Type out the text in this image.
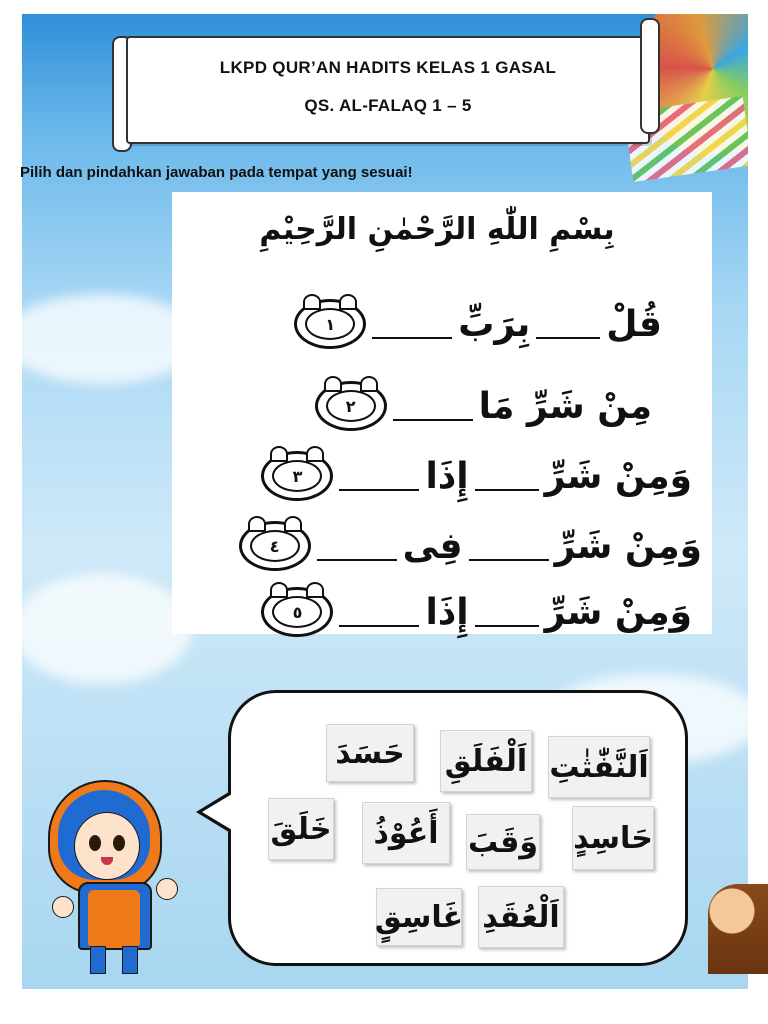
LKPD QUR’AN HADITS KELAS 1 GASAL
QS. AL-FALAQ 1 – 5
Pilih dan pindahkan jawaban pada tempat yang sesuai!
بِسْمِ اللّٰهِ الرَّحْمٰنِ الرَّحِيْمِ
قُلْ
بِرَبِّ
١
مِنْ شَرِّ مَا
٢
وَمِنْ شَرِّ
إِذَا
٣
وَمِنْ شَرِّ
فِى
٤
وَمِنْ شَرِّ
إِذَا
٥
حَسَدَ	اَلْفَلَقِ اَلنَّفّٰثٰتِ
خَلَقَ	أَعُوْذُ وَقَبَ حَاسِدٍ
غَاسِقٍ اَلْعُقَدِ
